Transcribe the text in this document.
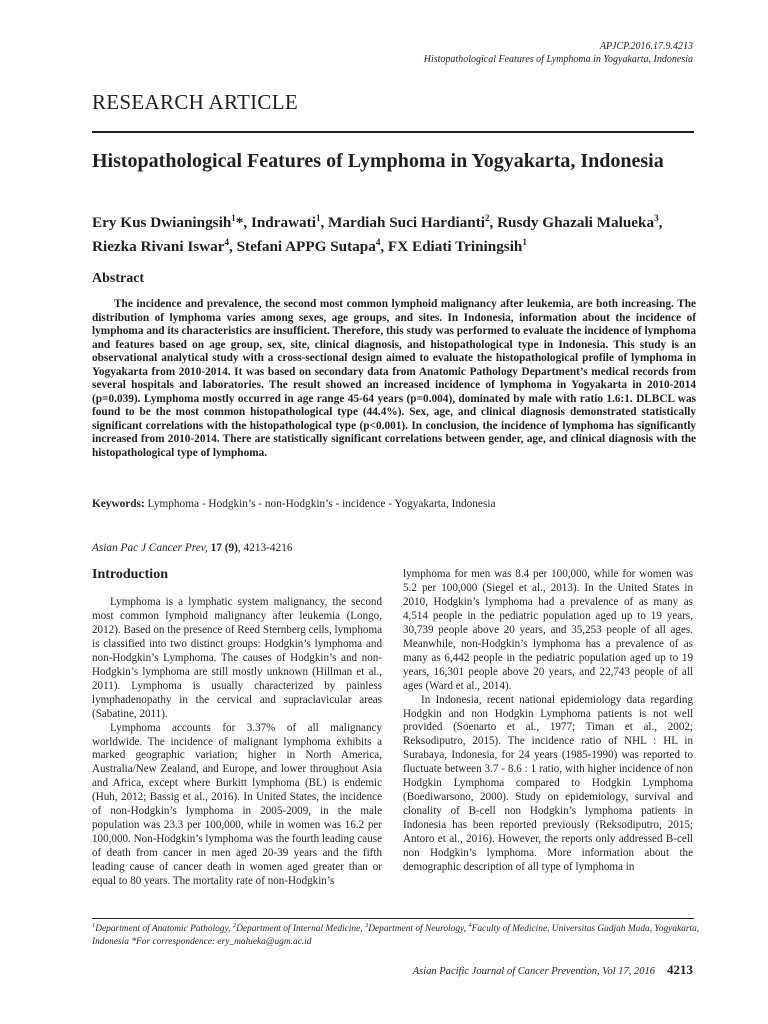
APJCP.2016.17.9.4213
Histopathological Features of Lymphoma in Yogyakarta, Indonesia
RESEARCH ARTICLE
Histopathological Features of Lymphoma in Yogyakarta, Indonesia
Ery Kus Dwianingsih$^1$*, Indrawati$^1$, Mardiah Suci Hardianti$^2$, Rusdy Ghazali Malueka$^3$, Riezka Rivani Iswar$^4$, Stefani APPG Sutapa$^4$, FX Ediati Triningsih$^1$
Abstract
The incidence and prevalence, the second most common lymphoid malignancy after leukemia, are both increasing. The distribution of lymphoma varies among sexes, age groups, and sites. In Indonesia, information about the incidence of lymphoma and its characteristics are insufficient. Therefore, this study was performed to evaluate the incidence of lymphoma and features based on age group, sex, site, clinical diagnosis, and histopathological type in Indonesia. This study is an observational analytical study with a cross-sectional design aimed to evaluate the histopathological profile of lymphoma in Yogyakarta from 2010-2014. It was based on secondary data from Anatomic Pathology Department’s medical records from several hospitals and laboratories. The result showed an increased incidence of lymphoma in Yogyakarta in 2010-2014 (p=0.039). Lymphoma mostly occurred in age range 45-64 years (p=0.004), dominated by male with ratio 1.6:1. DLBCL was found to be the most common histopathological type (44.4%). Sex, age, and clinical diagnosis demonstrated statistically significant correlations with the histopathological type (p<0.001). In conclusion, the incidence of lymphoma has significantly increased from 2010-2014. There are statistically significant correlations between gender, age, and clinical diagnosis with the histopathological type of lymphoma.
Keywords: Lymphoma - Hodgkin’s - non-Hodgkin’s - incidence - Yogyakarta, Indonesia
Asian Pac J Cancer Prev, 17 (9), 4213-4216
Introduction

Lymphoma is a lymphatic system malignancy, the second most common lymphoid malignancy after leukemia (Longo, 2012). Based on the presence of Reed Sternberg cells, lymphoma is classified into two distinct groups: Hodgkin’s lymphoma and non-Hodgkin’s Lymphoma. The causes of Hodgkin’s and non-Hodgkin’s lymphoma are still mostly unknown (Hillman et al., 2011). Lymphoma is usually characterized by painless lymphadenopathy in the cervical and supraclavicular areas (Sabatine, 2011).

Lymphoma accounts for 3.37% of all malignancy worldwide. The incidence of malignant lymphoma exhibits a marked geographic variation; higher in North America, Australia/New Zealand, and Europe, and lower throughout Asia and Africa, except where Burkitt lymphoma (BL) is endemic (Huh, 2012; Bassig et al., 2016). In United States, the incidence of non-Hodgkin’s lymphoma in 2005-2009, in the male population was 23.3 per 100,000, while in women was 16.2 per 100,000. Non-Hodgkin’s lymphoma was the fourth leading cause of death from cancer in men aged 20-39 years and the fifth leading cause of cancer death in women aged greater than or equal to 80 years. The mortality rate of non-Hodgkin’s

lymphoma for men was 8.4 per 100,000, while for women was 5.2 per 100,000 (Siegel et al., 2013). In the United States in 2010, Hodgkin’s lymphoma had a prevalence of as many as 4,514 people in the pediatric population aged up to 19 years, 30,739 people above 20 years, and 35,253 people of all ages. Meanwhile, non-Hodgkin’s lymphoma has a prevalence of as many as 6,442 people in the pediatric population aged up to 19 years, 16,301 people above 20 years, and 22,743 people of all ages (Ward et al., 2014).

In Indonesia, recent national epidemiology data regarding Hodgkin and non Hodgkin Lymphoma patients is not well provided (Soenarto et al., 1977; Timan et al., 2002; Reksodiputro, 2015). The incidence ratio of NHL : HL in Surabaya, Indonesia, for 24 years (1985-1990) was reported to fluctuate between 3.7 - 8.6 : 1 ratio, with higher incidence of non Hodgkin Lymphoma compared to Hodgkin Lymphoma (Boediwarsono, 2000). Study on epidemiology, survival and clonality of B-cell non Hodgkin’s lymphoma patients in Indonesia has been reported previously (Reksodiputro, 2015; Antoro et al., 2016). However, the reports only addressed B-cell non Hodgkin’s lymphoma. More information about the demographic description of all type of lymphoma in

$^1$Department of Anatomic Pathology, $^2$Department of Internal Medicine, $^3$Department of Neurology, $^4$Faculty of Medicine, Universitas Gadjah Mada, Yogyakarta, Indonesia *For correspondence: ery_malueka@ugm.ac.id
Asian Pacific Journal of Cancer Prevention, Vol 17, 2016 4213
